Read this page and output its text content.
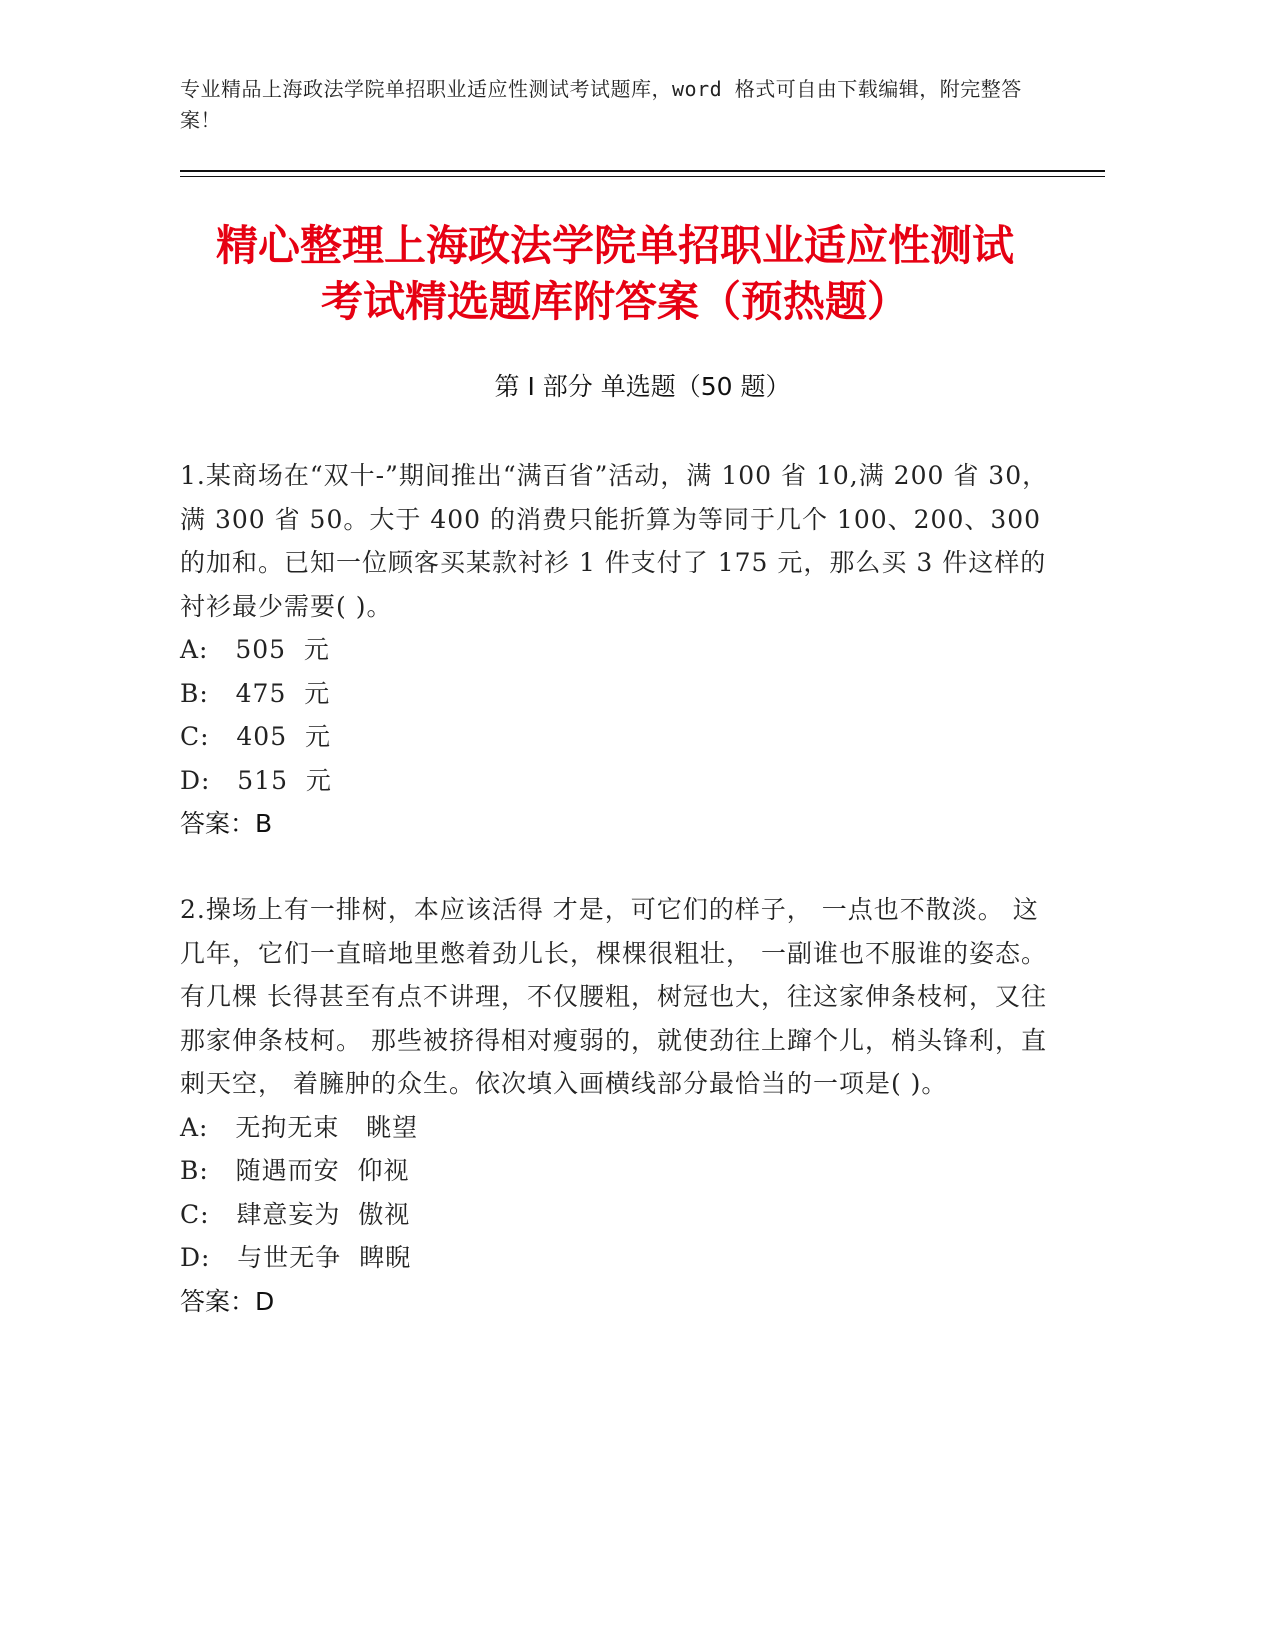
专业精品上海政法学院单招职业适应性测试考试题库，word 格式可自由下载编辑，附完整答案！
精心整理上海政法学院单招职业适应性测试
考试精选题库附答案（预热题）
第 I 部分 单选题（50 题）

1.某商场在“双十-”期间推出“满百省”活动，满 100 省 10,满 200 省 30，满 300 省 50。大于 400 的消费只能折算为等同于几个 100、200、300 的加和。已知一位顾客买某款衬衫 1 件支付了 175 元，那么买 3 件这样的衬衫最少需要( )。

A:   505  元

B:   475  元

C:   405  元

D:   515  元

答案：B

2.操场上有一排树，本应该活得 才是，可它们的样子， 一点也不散淡。 这几年，它们一直暗地里憋着劲儿长，棵棵很粗壮， 一副谁也不服谁的姿态。有几棵 长得甚至有点不讲理，不仅腰粗，树冠也大，往这家伸条枝柯，又往那家伸条枝柯。 那些被挤得相对瘦弱的，就使劲往上蹿个儿，梢头锋利，直刺天空， 着臃肿的众生。依次填入画横线部分最恰当的一项是( )。

A:   无拘无束   眺望

B:   随遇而安  仰视

C:   肆意妄为  傲视

D:   与世无争  睥睨

答案：D
